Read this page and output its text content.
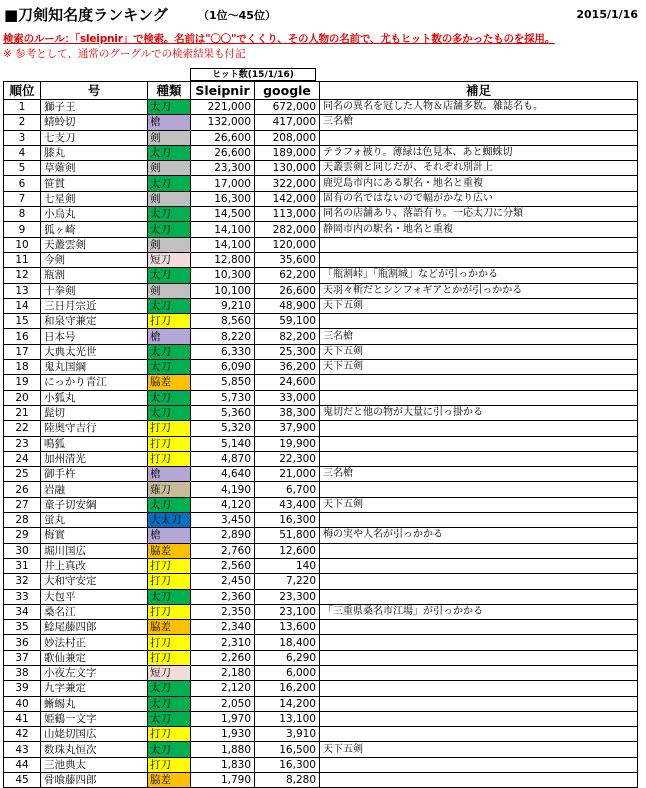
■刀剣知名度ランキング	（1位〜45位）	2015/1/16
検索のルール：「sleipnir」で検索。名前は"〇〇"でくくり、その人物の名前で、尤もヒット数の多かったものを採用。
※ 参考として、通常のグーグルでの検索結果も付記
ヒット数(15/1/16)
順位	号	種類	Sleipnir	google	補足
1	獅子王	太刀	221,000	672,000	同名の異名を冠した人物＆店舗多数。雑誌名も。
2	蜻蛉切	槍	132,000	417,000	三名槍
3	七支刀	剣	26,600	208,000	
4	膝丸	太刀	26,600	189,000	テラフォ被り。薄緑は色見本、あと蜘蛛切
5	草薙剣	剣	23,300	130,000	天叢雲剣と同じだが、それぞれ別計上
6	笹貫	太刀	17,000	322,000	鹿児島市内にある駅名・地名と重複
7	七星剣	剣	16,300	142,000	固有の名ではないので幅がかなり広い
8	小烏丸	太刀	14,500	113,000	同名の店舗あり、落語有り。一応太刀に分類
9	狐ヶ崎	太刀	14,100	282,000	静岡市内の駅名・地名と重複
10	天叢雲剣	剣	14,100	120,000	
11	今剣	短刀	12,800	35,600	
12	瓶割	太刀	10,300	62,200	「瓶割峠」「瓶割城」などが引っかかる
13	十拳剣	剣	10,100	26,600	天羽々斬だとシンフォギアとかが引っかかる
14	三日月宗近	太刀	9,210	48,900	天下五剣
15	和泉守兼定	打刀	8,560	59,100	
16	日本号	槍	8,220	82,200	三名槍
17	大典太光世	太刀	6,330	25,300	天下五剣
18	鬼丸国綱	太刀	6,090	36,200	天下五剣
19	にっかり青江	脇差	5,850	24,600	
20	小狐丸	太刀	5,730	33,000	
21	髭切	太刀	5,360	38,300	鬼切だと他の物が大量に引っ掛かる
22	陸奥守吉行	打刀	5,320	37,900	
23	鳴狐	打刀	5,140	19,900	
24	加州清光	打刀	4,870	22,300	
25	御手杵	槍	4,640	21,000	三名槍
26	岩融	薙刀	4,190	6,700	
27	童子切安綱	太刀	4,120	43,400	天下五剣
28	蛍丸	大太刀	3,450	16,300	
29	梅實	槍	2,890	51,800	梅の実や人名が引っかかる
30	堀川国広	脇差	2,760	12,600	
31	井上真改	打刀	2,560	140	
32	大和守安定	打刀	2,450	7,220	
33	大包平	太刀	2,360	23,300	
34	桑名江	打刀	2,350	23,100	「三重県桑名市江場」が引っかかる
35	鯰尾藤四郎	脇差	2,340	13,600	
36	妙法村正	打刀	2,310	18,400	
37	歌仙兼定	打刀	2,260	6,290	
38	小夜左文字	短刀	2,180	6,000	
39	九字兼定	太刀	2,120	16,200	
40	蜥蜴丸	太刀	2,050	14,200	
41	姫鶴一文字	太刀	1,970	13,100	
42	山姥切国広	打刀	1,930	3,910	
43	数珠丸恒次	太刀	1,880	16,500	天下五剣
44	三池典太	打刀	1,830	16,300	
45	骨喰藤四郎	脇差	1,790	8,280	
